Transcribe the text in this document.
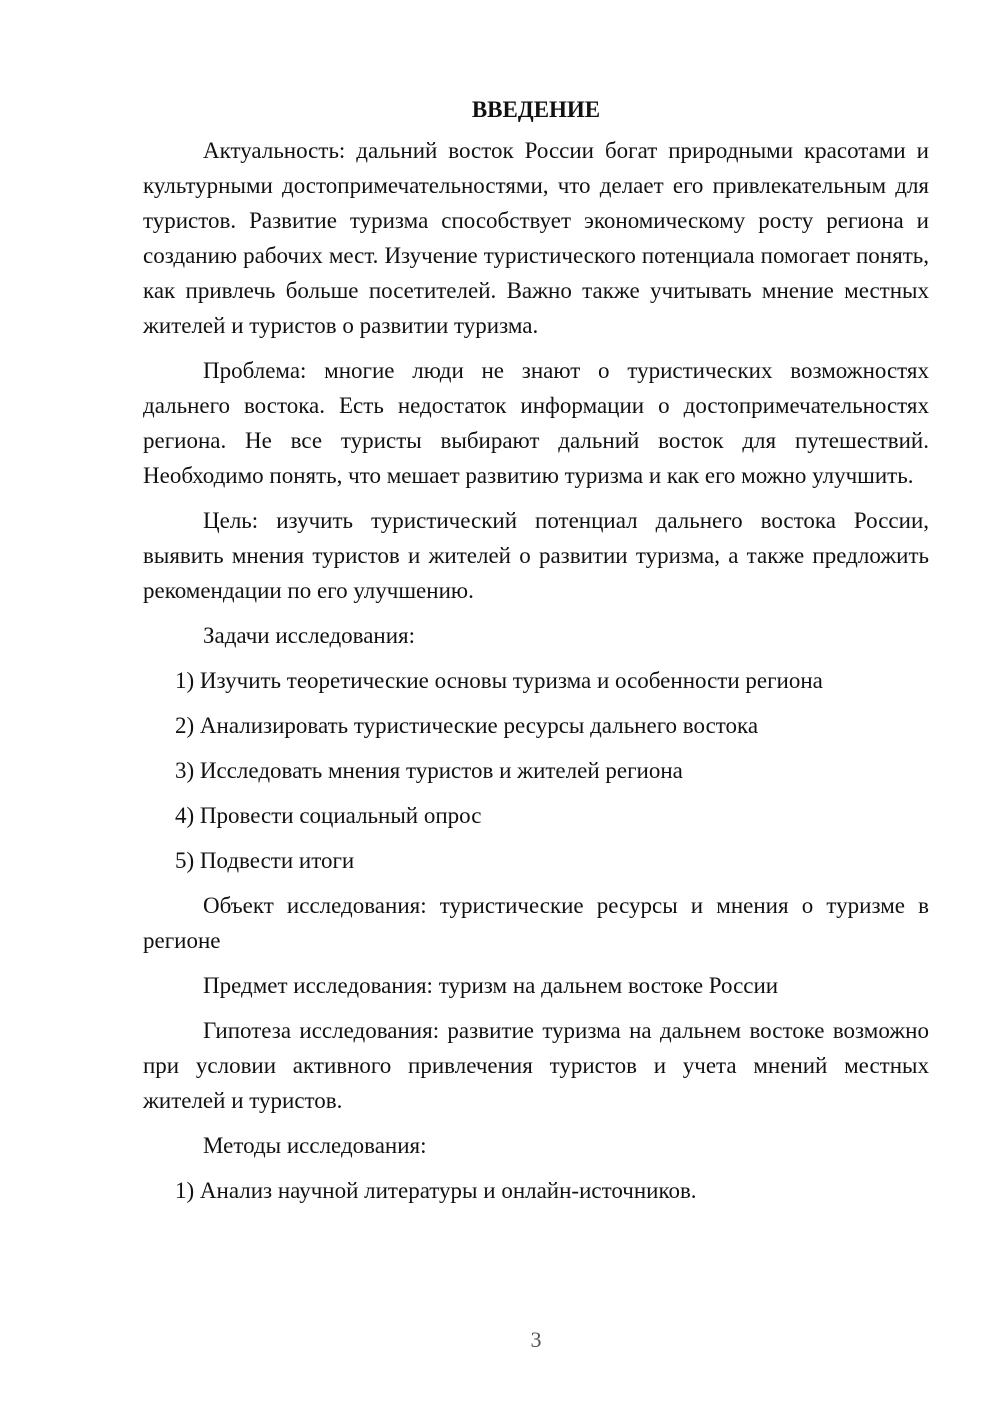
ВВЕДЕНИЕ

Актуальность: дальний восток России богат природными красотами и культурными достопримечательностями, что делает его привлекательным для туристов. Развитие туризма способствует экономическому росту региона и созданию рабочих мест. Изучение туристического потенциала помогает понять, как привлечь больше посетителей. Важно также учитывать мнение местных жителей и туристов о развитии туризма.

Проблема: многие люди не знают о туристических возможностях дальнего востока. Есть недостаток информации о достопримечательностях региона. Не все туристы выбирают дальний восток для путешествий. Необходимо понять, что мешает развитию туризма и как его можно улучшить.

Цель: изучить туристический потенциал дальнего востока России, выявить мнения туристов и жителей о развитии туризма, а также предложить рекомендации по его улучшению.

Задачи исследования:
1) Изучить теоретические основы туризма и особенности региона
2) Анализировать туристические ресурсы дальнего востока
3) Исследовать мнения туристов и жителей региона
4) Провести социальный опрос
5) Подвести итоги

Объект исследования: туристические ресурсы и мнения о туризме в регионе

Предмет исследования: туризм на дальнем востоке России

Гипотеза исследования: развитие туризма на дальнем востоке возможно при условии активного привлечения туристов и учета мнений местных жителей и туристов.

Методы исследования:
1) Анализ научной литературы и онлайн-источников.
3
